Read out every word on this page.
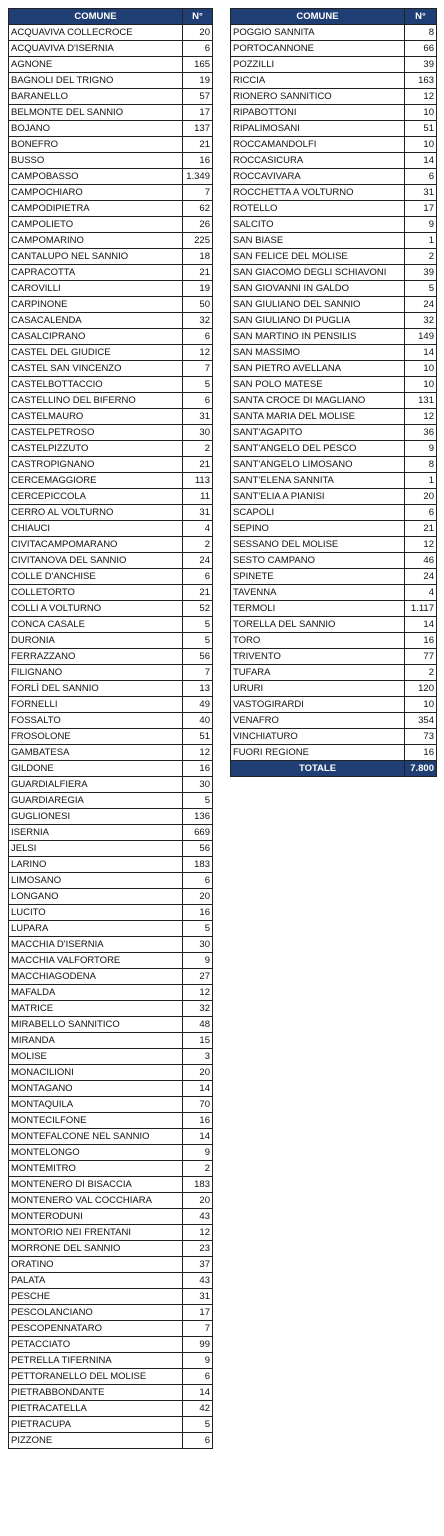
COMUNE	N°
ACQUAVIVA COLLECROCE	20
ACQUAVIVA D'ISERNIA	6
AGNONE	165
BAGNOLI DEL TRIGNO	19
BARANELLO	57
BELMONTE DEL SANNIO	17
BOJANO	137
BONEFRO	21
BUSSO	16
CAMPOBASSO	1.349
CAMPOCHIARO	7
CAMPODIPIETRA	62
CAMPOLIETO	26
CAMPOMARINO	225
CANTALUPO NEL SANNIO	18
CAPRACOTTA	21
CAROVILLI	19
CARPINONE	50
CASACALENDA	32
CASALCIPRANO	6
CASTEL DEL GIUDICE	12
CASTEL SAN VINCENZO	7
CASTELBOTTACCIO	5
CASTELLINO DEL BIFERNO	6
CASTELMAURO	31
CASTELPETROSO	30
CASTELPIZZUTO	2
CASTROPIGNANO	21
CERCEMAGGIORE	113
CERCEPICCOLA	11
CERRO AL VOLTURNO	31
CHIAUCI	4
CIVITACAMPOMARANO	2
CIVITANOVA DEL SANNIO	24
COLLE D'ANCHISE	6
COLLETORTO	21
COLLI A VOLTURNO	52
CONCA CASALE	5
DURONIA	5
FERRAZZANO	56
FILIGNANO	7
FORLÌ DEL SANNIO	13
FORNELLI	49
FOSSALTO	40
FROSOLONE	51
GAMBATESA	12
GILDONE	16
GUARDIALFIERA	30
GUARDIAREGIA	5
GUGLIONESI	136
ISERNIA	669
JELSI	56
LARINO	183
LIMOSANO	6
LONGANO	20
LUCITO	16
LUPARA	5
MACCHIA D'ISERNIA	30
MACCHIA VALFORTORE	9
MACCHIAGODENA	27
MAFALDA	12
MATRICE	32
MIRABELLO SANNITICO	48
MIRANDA	15
MOLISE	3
MONACILIONI	20
MONTAGANO	14
MONTAQUILA	70
MONTECILFONE	16
MONTEFALCONE NEL SANNIO	14
MONTELONGO	9
MONTEMITRO	2
MONTENERO DI BISACCIA	183
MONTENERO VAL COCCHIARA	20
MONTERODUNI	43
MONTORIO NEI FRENTANI	12
MORRONE DEL SANNIO	23
ORATINO	37
PALATA	43
PESCHE	31
PESCOLANCIANO	17
PESCOPENNATARO	7
PETACCIATO	99
PETRELLA TIFERNINA	9
PETTORANELLO DEL MOLISE	6
PIETRABBONDANTE	14
PIETRACATELLA	42
PIETRACUPA	5
PIZZONE	6
COMUNE	N°
POGGIO SANNITA	8
PORTOCANNONE	66
POZZILLI	39
RICCIA	163
RIONERO SANNITICO	12
RIPABOTTONI	10
RIPALIMOSANI	51
ROCCAMANDOLFI	10
ROCCASICURA	14
ROCCAVIVARA	6
ROCCHETTA A VOLTURNO	31
ROTELLO	17
SALCITO	9
SAN BIASE	1
SAN FELICE DEL MOLISE	2
SAN GIACOMO DEGLI SCHIAVONI	39
SAN GIOVANNI IN GALDO	5
SAN GIULIANO DEL SANNIO	24
SAN GIULIANO DI PUGLIA	32
SAN MARTINO IN PENSILIS	149
SAN MASSIMO	14
SAN PIETRO AVELLANA	10
SAN POLO MATESE	10
SANTA CROCE DI MAGLIANO	131
SANTA MARIA DEL MOLISE	12
SANT'AGAPITO	36
SANT'ANGELO DEL PESCO	9
SANT'ANGELO LIMOSANO	8
SANT'ELENA SANNITA	1
SANT'ELIA A PIANISI	20
SCAPOLI	6
SEPINO	21
SESSANO DEL MOLISE	12
SESTO CAMPANO	46
SPINETE	24
TAVENNA	4
TERMOLI	1.117
TORELLA DEL SANNIO	14
TORO	16
TRIVENTO	77
TUFARA	2
URURI	120
VASTOGIRARDI	10
VENAFRO	354
VINCHIATURO	73
FUORI REGIONE	16
TOTALE	7.800
